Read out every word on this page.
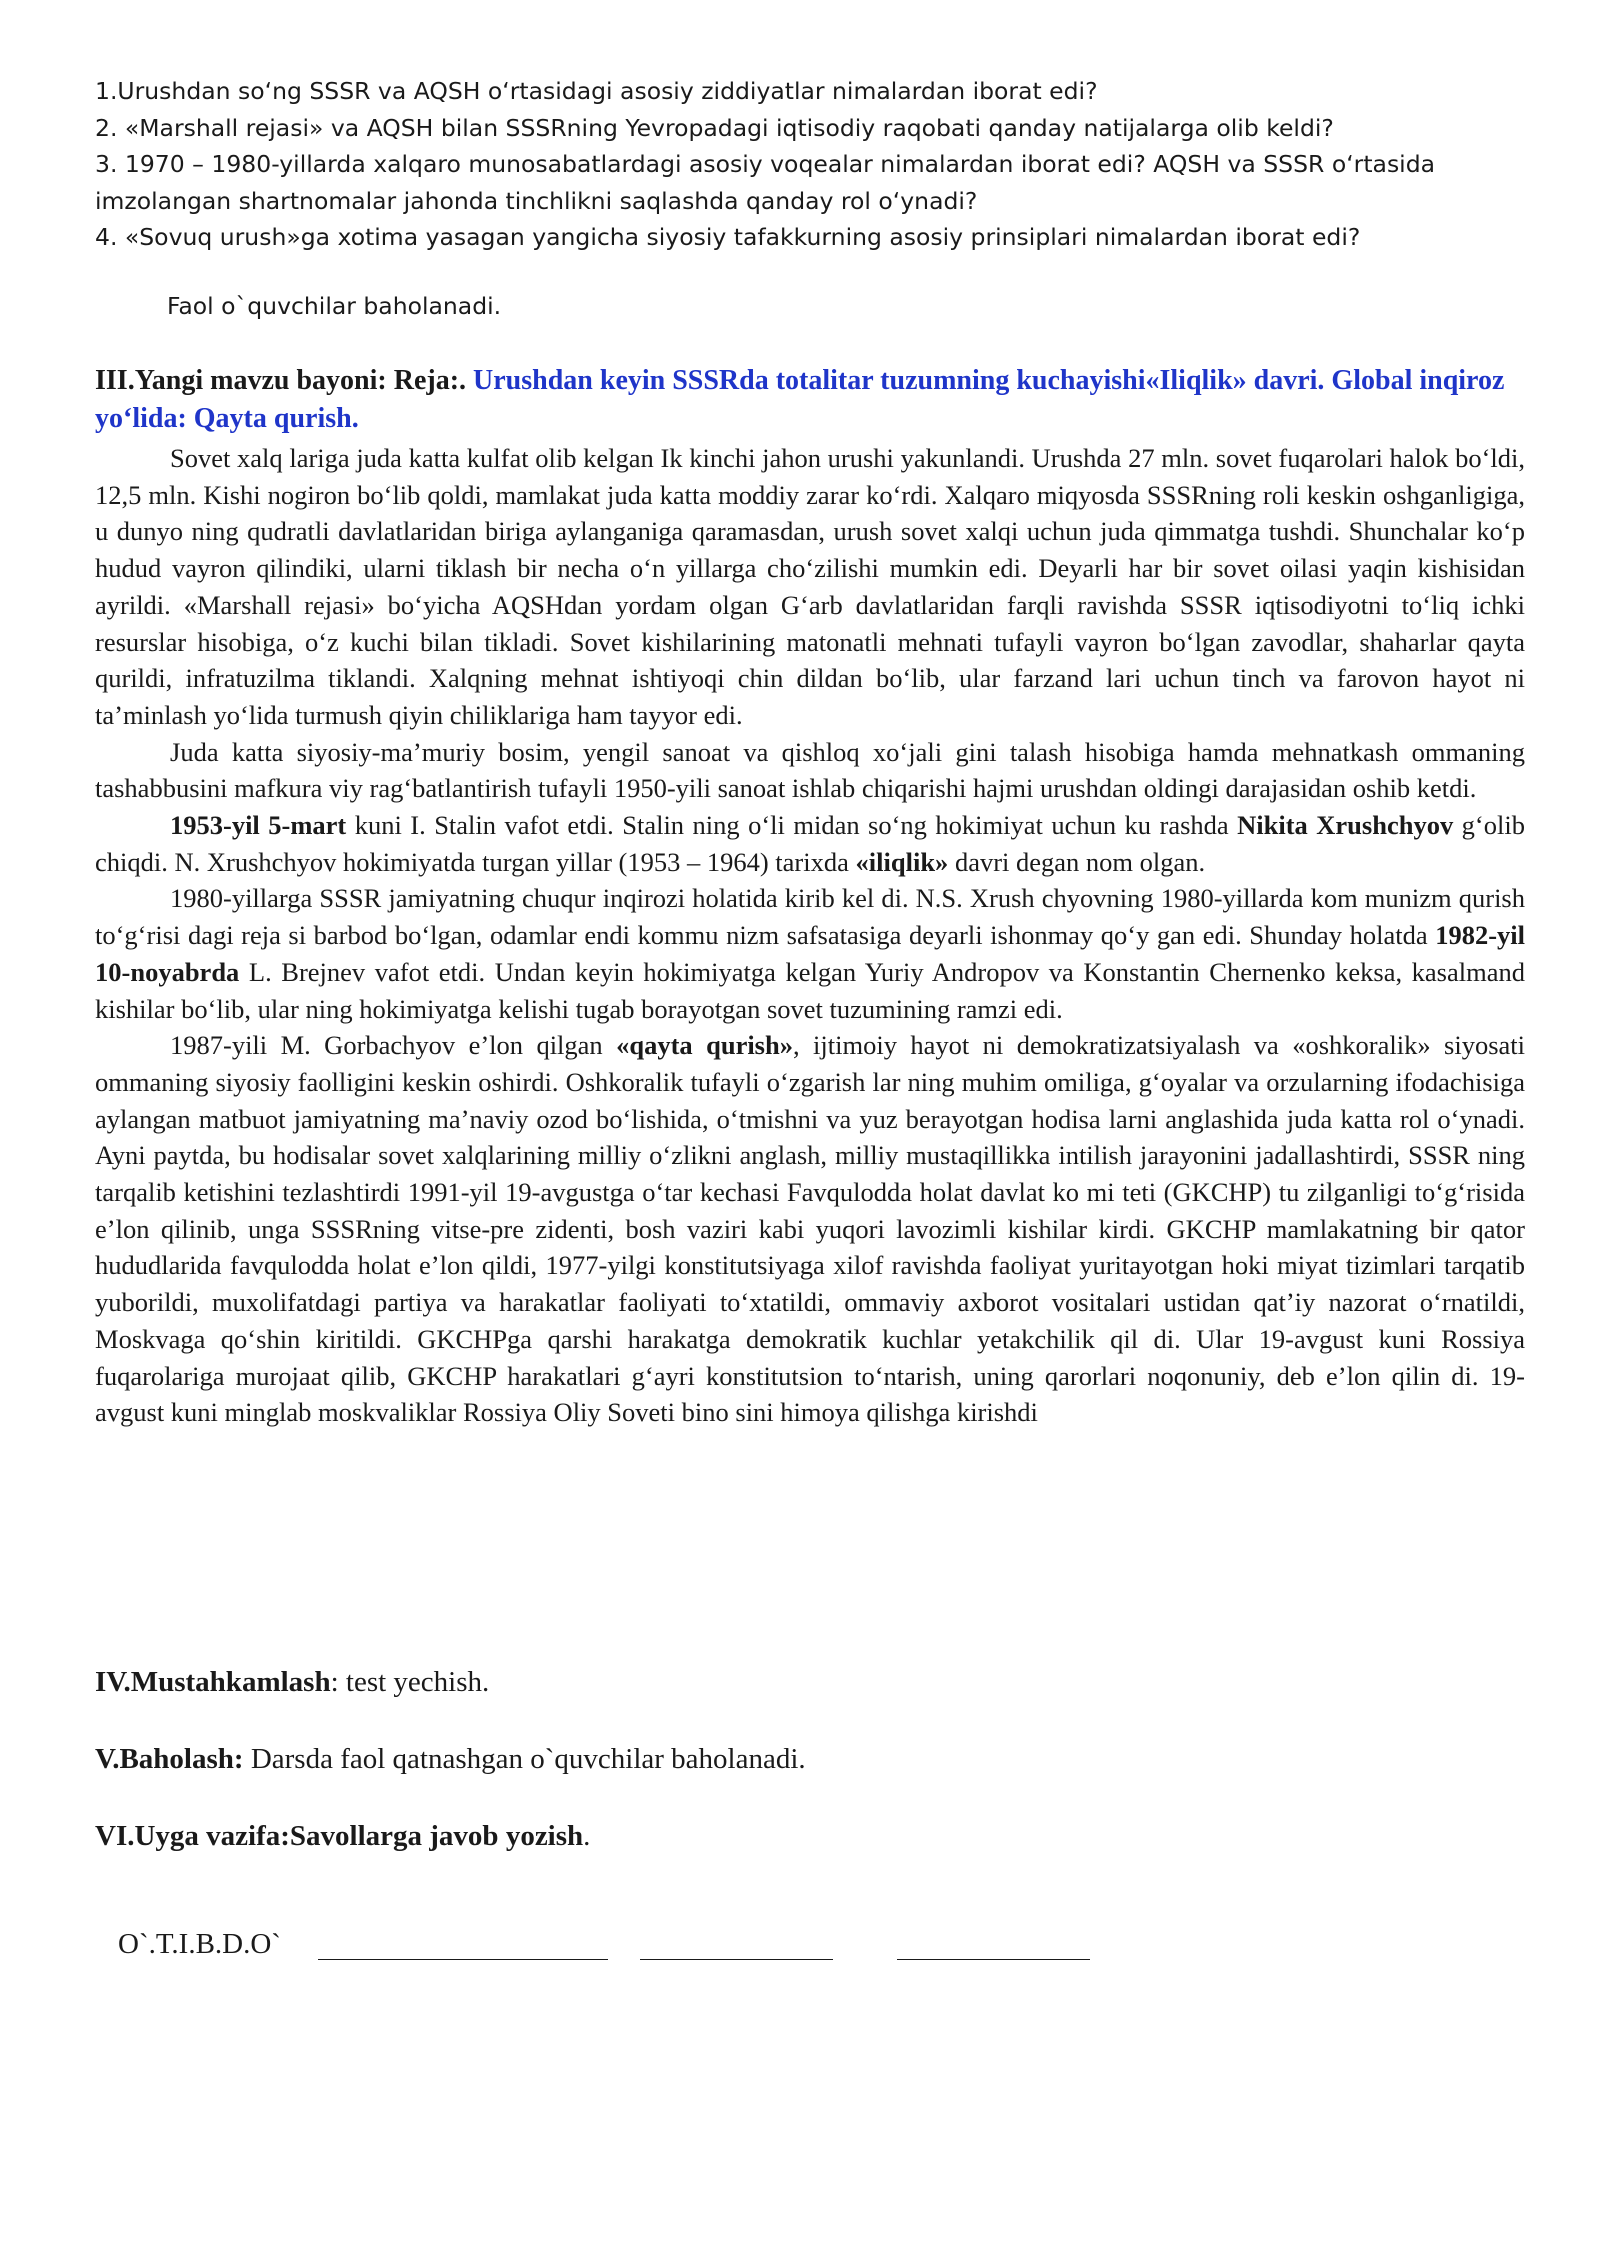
1.Urushdan so‘ng SSSR va AQSH o‘rtasidagi asosiy ziddiyatlar nimalardan iborat edi?
2. «Marshall rejasi» va AQSH bilan SSSRning Yevropadagi iqtisodiy raqobati qanday natijalarga olib keldi?
3. 1970 – 1980-yillarda xalqaro munosabatlardagi asosiy voqealar nimalardan iborat edi? AQSH va SSSR o‘rtasida imzolangan shartnomalar jahonda tinchlikni saqlashda qanday rol o‘ynadi?
4. «Sovuq urush»ga xotima yasagan yangicha siyosiy tafakkurning asosiy prinsiplari nimalardan iborat edi?
Faol o`quvchilar baholanadi.
III.Yangi mavzu bayoni: Reja:. Urushdan keyin SSSRda totalitar tuzumning kuchayishi«Iliqlik» davri. Global inqiroz yo‘lida: Qayta qurish.

Sovet xalq lariga juda katta kulfat olib kelgan Ik kinchi jahon urushi yakunlandi. Urushda 27 mln. sovet fuqarolari halok bo‘ldi, 12,5 mln. Kishi nogiron bo‘lib qoldi, mamlakat juda katta moddiy zarar ko‘rdi. Xalqaro miqyosda SSSRning roli keskin oshganligiga, u dunyo ning qudratli davlatlaridan biriga aylanganiga qaramasdan, urush sovet xalqi uchun juda qimmatga tushdi. Shunchalar ko‘p hudud vayron qilindiki, ularni tiklash bir necha o‘n yillarga cho‘zilishi mumkin edi. Deyarli har bir sovet oilasi yaqin kishisidan ayrildi. «Marshall rejasi» bo‘yicha AQSHdan yordam olgan G‘arb davlatlaridan farqli ravishda SSSR iqtisodiyotni to‘liq ichki resurslar hisobiga, o‘z kuchi bilan tikladi. Sovet kishilarining matonatli mehnati tufayli vayron bo‘lgan zavodlar, shaharlar qayta qurildi, infratuzilma tiklandi. Xalqning mehnat ishtiyoqi chin dildan bo‘lib, ular farzand lari uchun tinch va farovon hayot ni ta’minlash yo‘lida turmush qiyin chiliklariga ham tayyor edi.

Juda katta siyosiy-ma’muriy bosim, yengil sanoat va qishloq xo‘jali gini talash hisobiga hamda mehnatkash ommaning tashabbusini mafkura viy rag‘batlantirish tufayli 1950-yili sanoat ishlab chiqarishi hajmi urushdan oldingi darajasidan oshib ketdi.

1953-yil 5-mart kuni I. Stalin vafot etdi. Stalin ning o‘li midan so‘ng hokimiyat uchun ku rashda Nikita Xrushchyov g‘olib chiqdi. N. Xrushchyov hokimiyatda turgan yillar (1953 – 1964) tarixda «iliqlik» davri degan nom olgan.

1980-yillarga SSSR jamiyatning chuqur inqirozi holatida kirib kel di. N.S. Xrush chyovning 1980-yillarda kom munizm qurish to‘g‘risi dagi reja si barbod bo‘lgan, odamlar endi kommu nizm safsatasiga deyarli ishonmay qo‘y gan edi. Shunday holatda 1982-yil 10-noyabrda L. Brejnev vafot etdi. Undan keyin hokimiyatga kelgan Yuriy Andropov va Konstantin Chernenko keksa, kasalmand kishilar bo‘lib, ular ning hokimiyatga kelishi tugab borayotgan sovet tuzumining ramzi edi.

1987-yili M. Gorbachyov e’lon qilgan «qayta qurish», ijtimoiy hayot ni demokratizatsiyalash va «oshkoralik» siyosati ommaning siyosiy faolligini keskin oshirdi. Oshkoralik tufayli o‘zgarish lar ning muhim omiliga, g‘oyalar va orzularning ifodachisiga aylangan matbuot jamiyatning ma’naviy ozod bo‘lishida, o‘tmishni va yuz berayotgan hodisa larni anglashida juda katta rol o‘ynadi. Ayni paytda, bu hodisalar sovet xalqlarining milliy o‘zlikni anglash, milliy mustaqillikka intilish jarayonini jadallashtirdi, SSSR ning tarqalib ketishini tezlashtirdi 1991-yil 19-avgustga o‘tar kechasi Favqulodda holat davlat ko mi teti (GKCHP) tu zilganligi to‘g‘risida e’lon qilinib, unga SSSRning vitse-pre zidenti, bosh vaziri kabi yuqori lavozimli kishilar kirdi. GKCHP mamlakatning bir qator hududlarida favqulodda holat e’lon qildi, 1977-yilgi konstitutsiyaga xilof ravishda faoliyat yuritayotgan hoki miyat tizimlari tarqatib yuborildi, muxolifatdagi partiya va harakatlar faoliyati to‘xtatildi, ommaviy axborot vositalari ustidan qat’iy nazorat o‘rnatildi, Moskvaga qo‘shin kiritildi. GKCHPga qarshi harakatga demokratik kuchlar yetakchilik qil di. Ular 19-avgust kuni Rossiya fuqarolariga murojaat qilib, GKCHP harakatlari g‘ayri konstitutsion to‘ntarish, uning qarorlari noqonuniy, deb e’lon qilin di. 19-avgust kuni minglab moskvaliklar Rossiya Oliy Soveti bino sini himoya qilishga kirishdi

IV.Mustahkamlash: test yechish.
V.Baholash: Darsda faol qatnashgan o`quvchilar baholanadi.
VI.Uyga vazifa:Savollarga javob yozish.
O`.T.I.B.D.O`
